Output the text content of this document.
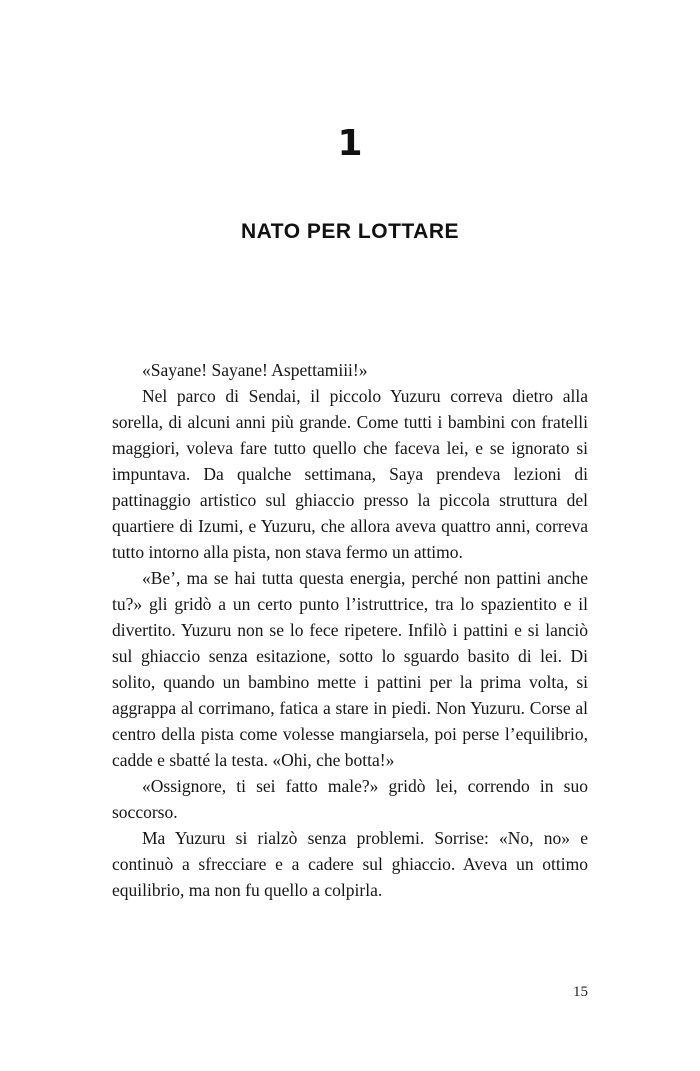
1
NATO PER LOTTARE

«Sayane! Sayane! Aspettamiii!»

Nel parco di Sendai, il piccolo Yuzuru correva dietro alla sorella, di alcuni anni più grande. Come tutti i bambini con fratelli maggiori, voleva fare tutto quello che faceva lei, e se ignorato si impuntava. Da qualche settimana, Saya prendeva lezioni di pattinaggio artistico sul ghiaccio presso la piccola struttura del quartiere di Izumi, e Yuzuru, che allora aveva quattro anni, correva tutto intorno alla pista, non stava fermo un attimo.

«Be’, ma se hai tutta questa energia, perché non pattini anche tu?» gli gridò a un certo punto l’istruttrice, tra lo spazientito e il divertito. Yuzuru non se lo fece ripetere. Infilò i pattini e si lanciò sul ghiaccio senza esitazione, sotto lo sguardo basito di lei. Di solito, quando un bambino mette i pattini per la prima volta, si aggrappa al corrimano, fatica a stare in piedi. Non Yuzuru. Corse al centro della pista come volesse mangiarsela, poi perse l’equilibrio, cadde e sbatté la testa. «Ohi, che botta!»

«Ossignore, ti sei fatto male?» gridò lei, correndo in suo soccorso.

Ma Yuzuru si rialzò senza problemi. Sorrise: «No, no» e continuò a sfrecciare e a cadere sul ghiaccio. Aveva un ottimo equilibrio, ma non fu quello a colpirla.

15
